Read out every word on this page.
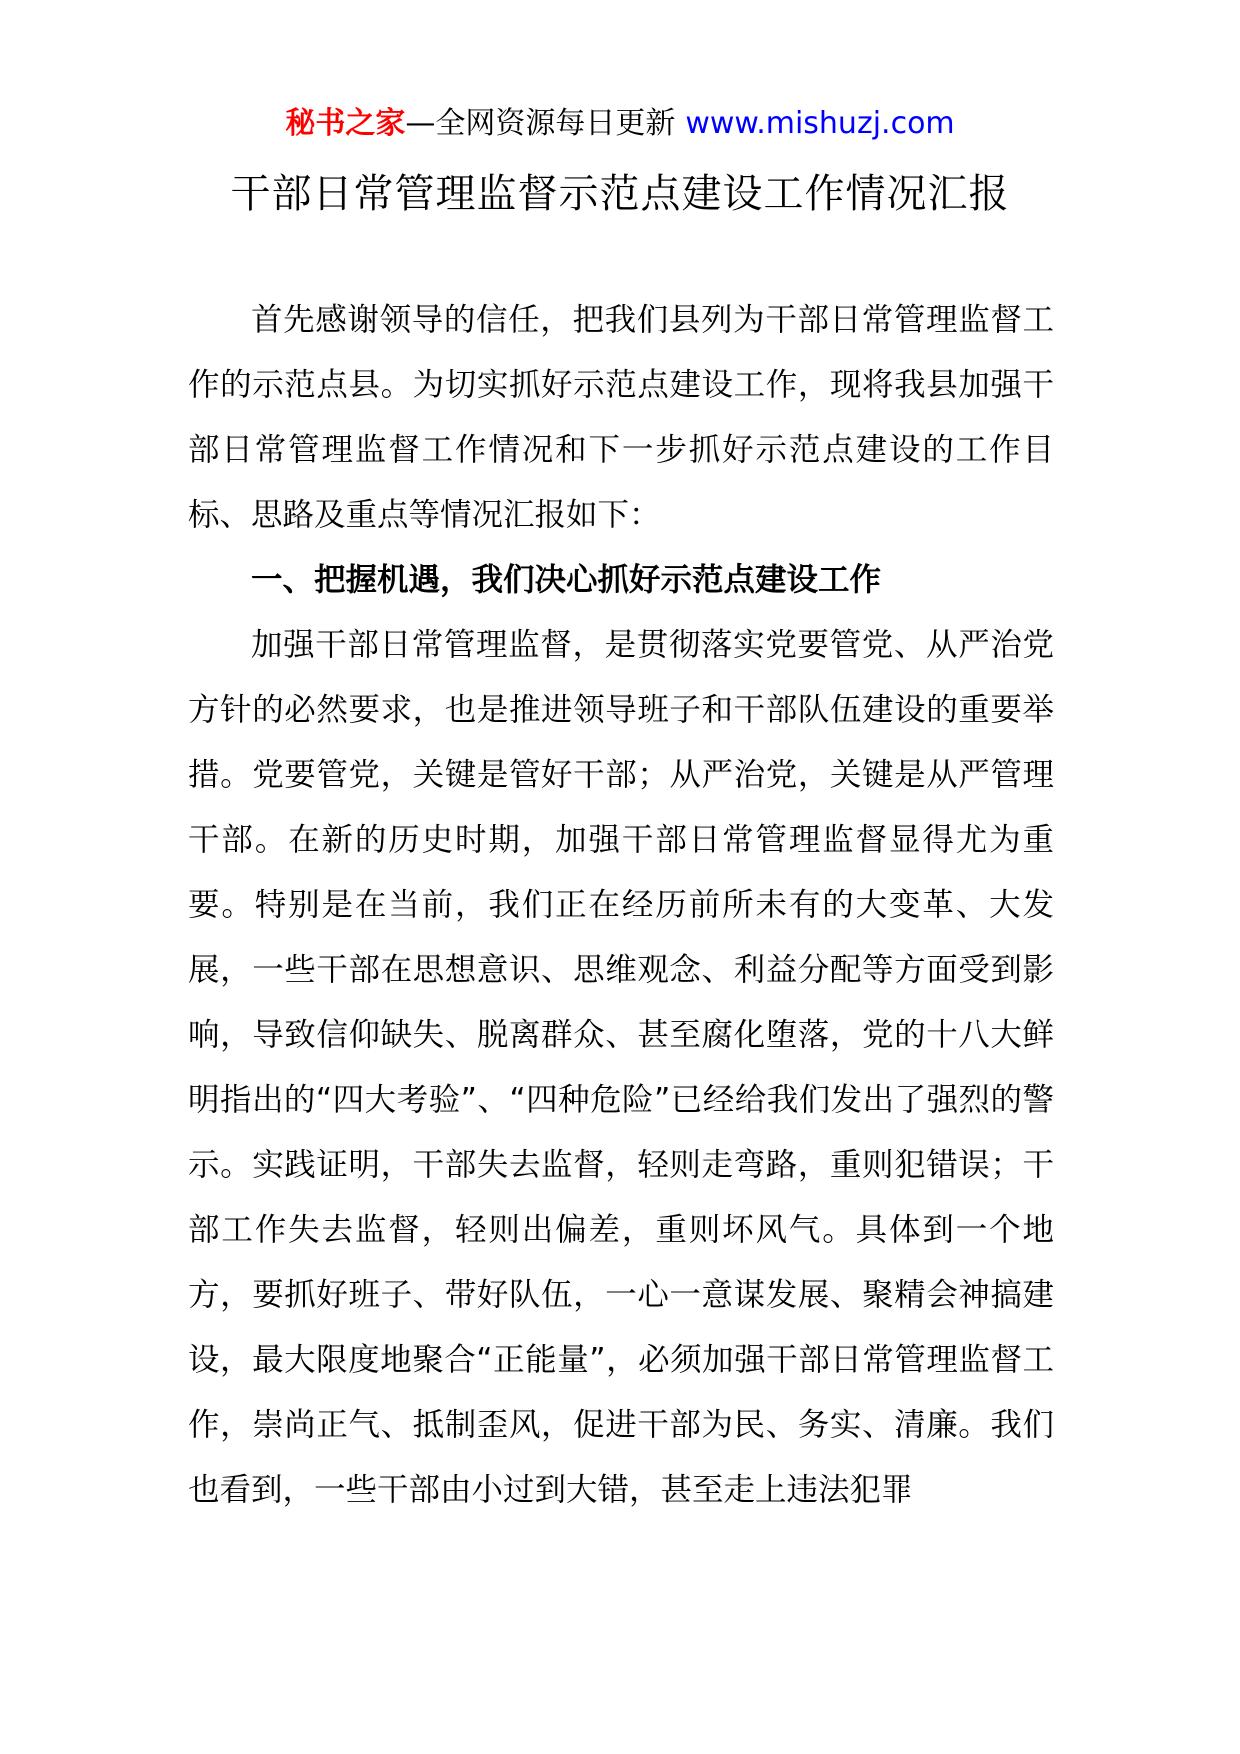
秘书之家—全网资源每日更新 www.mishuzj.com
干部日常管理监督示范点建设工作情况汇报

首先感谢领导的信任，把我们县列为干部日常管理监督工作的示范点县。为切实抓好示范点建设工作，现将我县加强干部日常管理监督工作情况和下一步抓好示范点建设的工作目标、思路及重点等情况汇报如下：

一、把握机遇，我们决心抓好示范点建设工作

加强干部日常管理监督，是贯彻落实党要管党、从严治党方针的必然要求，也是推进领导班子和干部队伍建设的重要举措。党要管党，关键是管好干部；从严治党，关键是从严管理干部。在新的历史时期，加强干部日常管理监督显得尤为重要。特别是在当前，我们正在经历前所未有的大变革、大发展，一些干部在思想意识、思维观念、利益分配等方面受到影响，导致信仰缺失、脱离群众、甚至腐化堕落，党的十八大鲜明指出的“四大考验”、“四种危险”已经给我们发出了强烈的警示。实践证明，干部失去监督，轻则走弯路，重则犯错误；干部工作失去监督，轻则出偏差，重则坏风气。具体到一个地方，要抓好班子、带好队伍，一心一意谋发展、聚精会神搞建设，最大限度地聚合“正能量”，必须加强干部日常管理监督工作，崇尚正气、抵制歪风，促进干部为民、务实、清廉。我们也看到，一些干部由小过到大错，甚至走上违法犯罪
